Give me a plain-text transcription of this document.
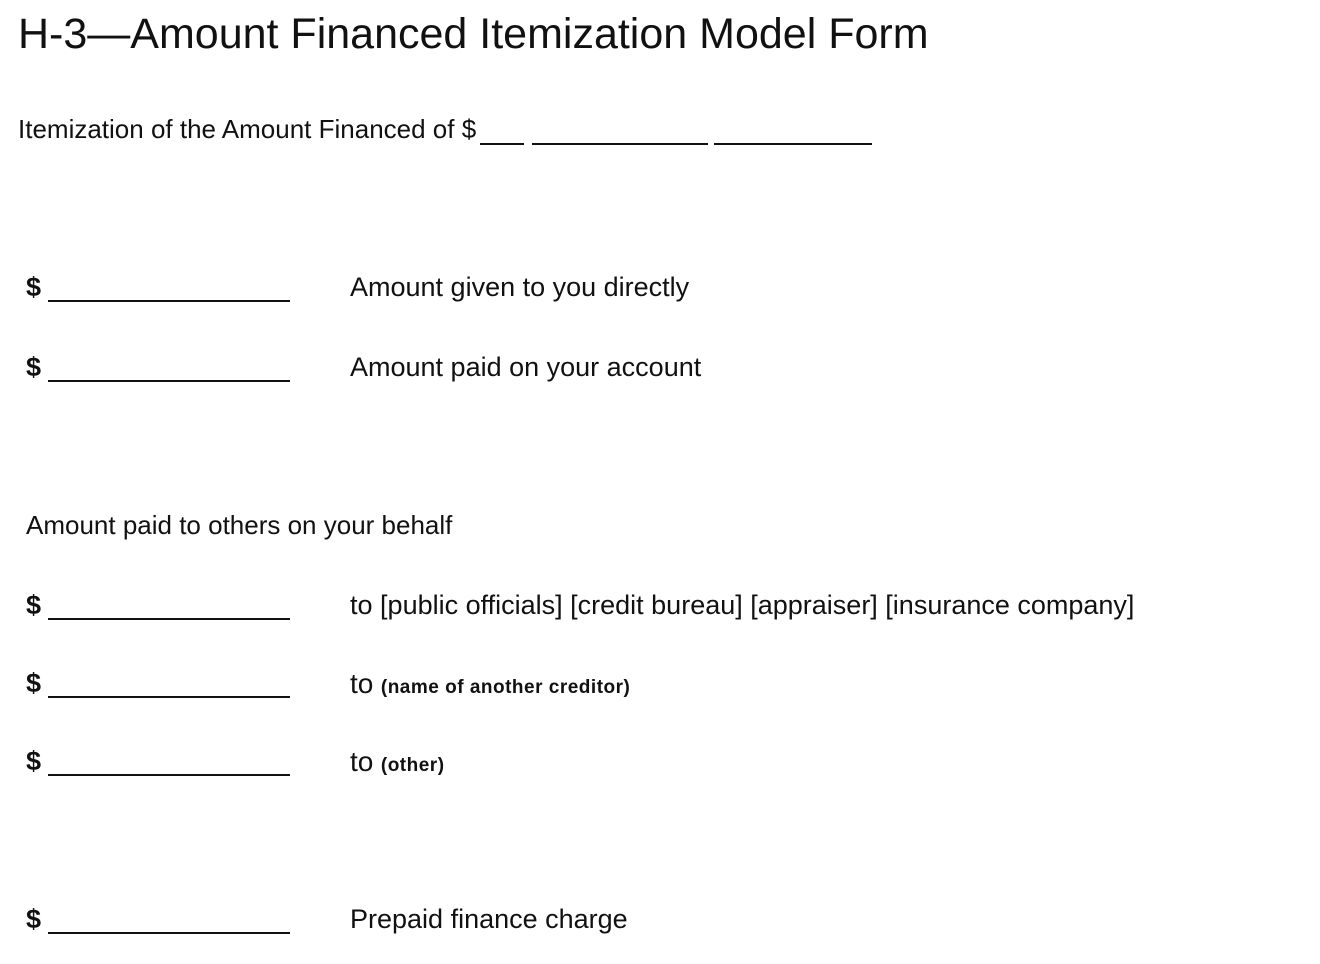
H-3—Amount Financed Itemization Model Form
Itemization of the Amount Financed of $
$	Amount given to you directly
$	Amount paid on your account
Amount paid to others on your behalf
$	to [public officials] [credit bureau] [appraiser] [insurance company]
$	to (name of another creditor)
$	to (other)
$	Prepaid finance charge
